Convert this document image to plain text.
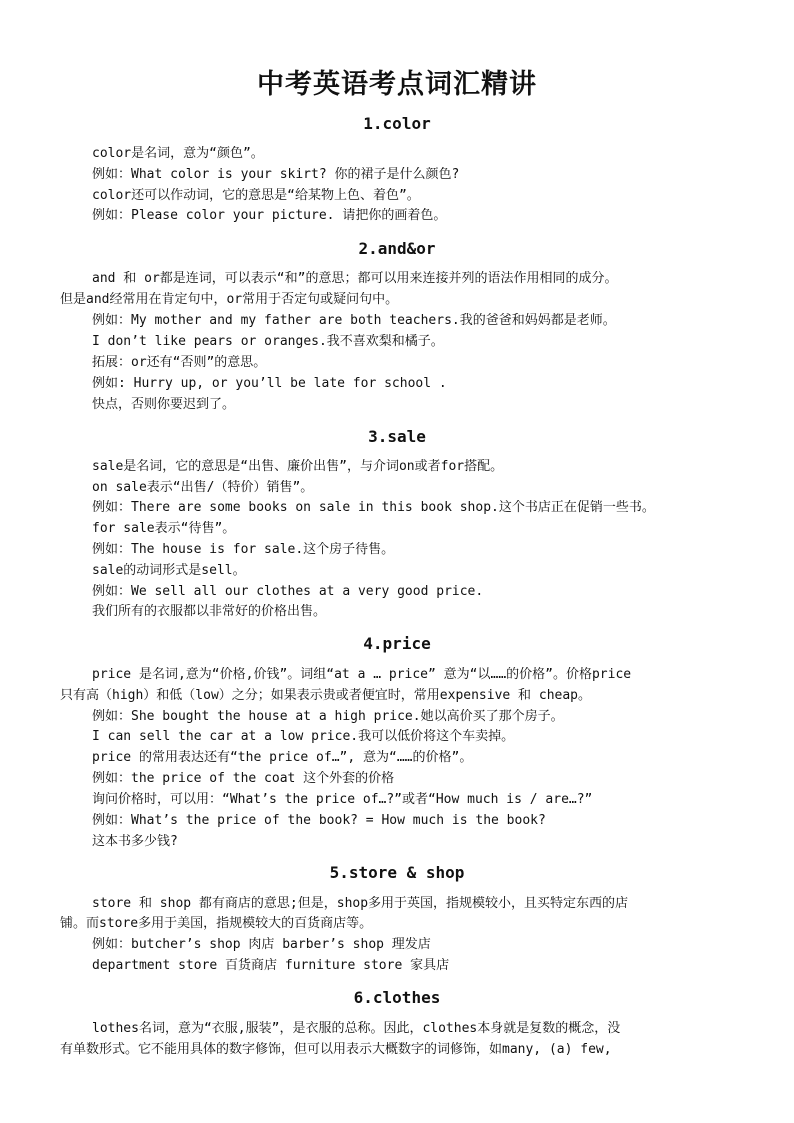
中考英语考点词汇精讲
1.color
color是名词，意为“颜色”。
例如：What color is your skirt? 你的裙子是什么颜色?
color还可以作动词，它的意思是“给某物上色、着色”。
例如：Please color your picture. 请把你的画着色。
2.and&or
and 和 or都是连词，可以表示“和”的意思；都可以用来连接并列的语法作用相同的成分。
但是and经常用在肯定句中，or常用于否定句或疑问句中。
例如：My mother and my father are both teachers.我的爸爸和妈妈都是老师。
I don’t like pears or oranges.我不喜欢梨和橘子。
拓展：or还有“否则”的意思。
例如: Hurry up, or you’ll be late for school .
快点，否则你要迟到了。
3.sale
sale是名词，它的意思是“出售、廉价出售”，与介词on或者for搭配。
on sale表示“出售/（特价）销售”。
例如：There are some books on sale in this book shop.这个书店正在促销一些书。
for sale表示“待售”。
例如：The house is for sale.这个房子待售。
sale的动词形式是sell。
例如：We sell all our clothes at a very good price.
我们所有的衣服都以非常好的价格出售。
4.price
price 是名词,意为“价格,价钱”。词组“at a … price” 意为“以……的价格”。价格price
只有高（high）和低（low）之分；如果表示贵或者便宜时，常用expensive 和 cheap。
例如：She bought the house at a high price.她以高价买了那个房子。
I can sell the car at a low price.我可以低价将这个车卖掉。
price 的常用表达还有“the price of…”, 意为“……的价格”。
例如：the price of the coat 这个外套的价格
询问价格时，可以用：“What’s the price of…?”或者“How much is / are…?”
例如：What’s the price of the book? = How much is the book?
这本书多少钱?
5.store & shop
store 和 shop 都有商店的意思;但是，shop多用于英国，指规模较小，且买特定东西的店
铺。而store多用于美国，指规模较大的百货商店等。
例如：butcher’s shop 肉店 barber’s shop 理发店
department store 百货商店 furniture store 家具店
6.clothes
lothes名词，意为“衣服,服装”，是衣服的总称。因此，clothes本身就是复数的概念，没
有单数形式。它不能用具体的数字修饰，但可以用表示大概数字的词修饰，如many, (a) few,
